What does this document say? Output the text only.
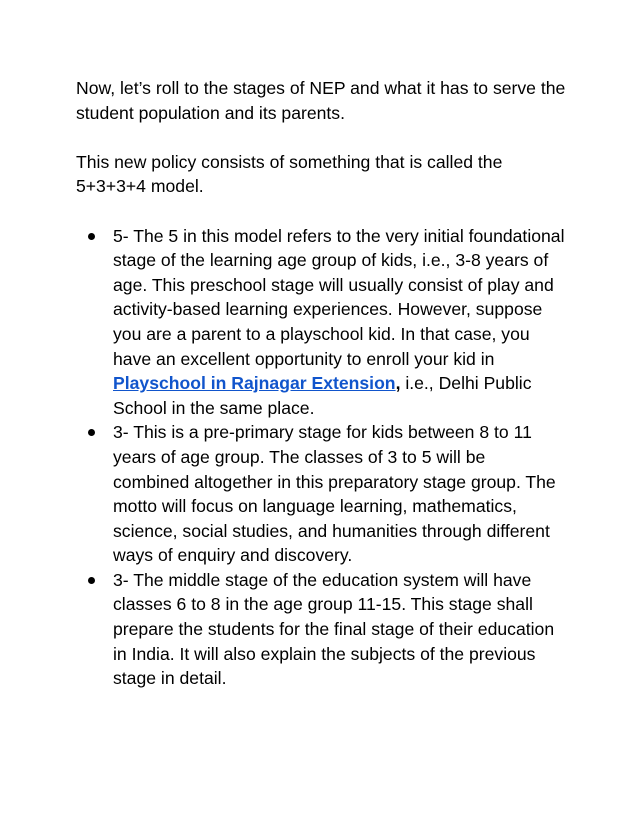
Now, let’s roll to the stages of NEP and what it has to serve the student population and its parents.

This new policy consists of something that is called the 5+3+3+4 model.

5- The 5 in this model refers to the very initial foundational stage of the learning age group of kids, i.e., 3-8 years of age. This preschool stage will usually consist of play and activity-based learning experiences. However, suppose you are a parent to a playschool kid. In that case, you have an excellent opportunity to enroll your kid in Playschool in Rajnagar Extension, i.e., Delhi Public School in the same place.
3- This is a pre-primary stage for kids between 8 to 11 years of age group. The classes of 3 to 5 will be combined altogether in this preparatory stage group. The motto will focus on language learning, mathematics, science, social studies, and humanities through different ways of enquiry and discovery.
3- The middle stage of the education system will have classes 6 to 8 in the age group 11-15. This stage shall prepare the students for the final stage of their education in India. It will also explain the subjects of the previous stage in detail.
